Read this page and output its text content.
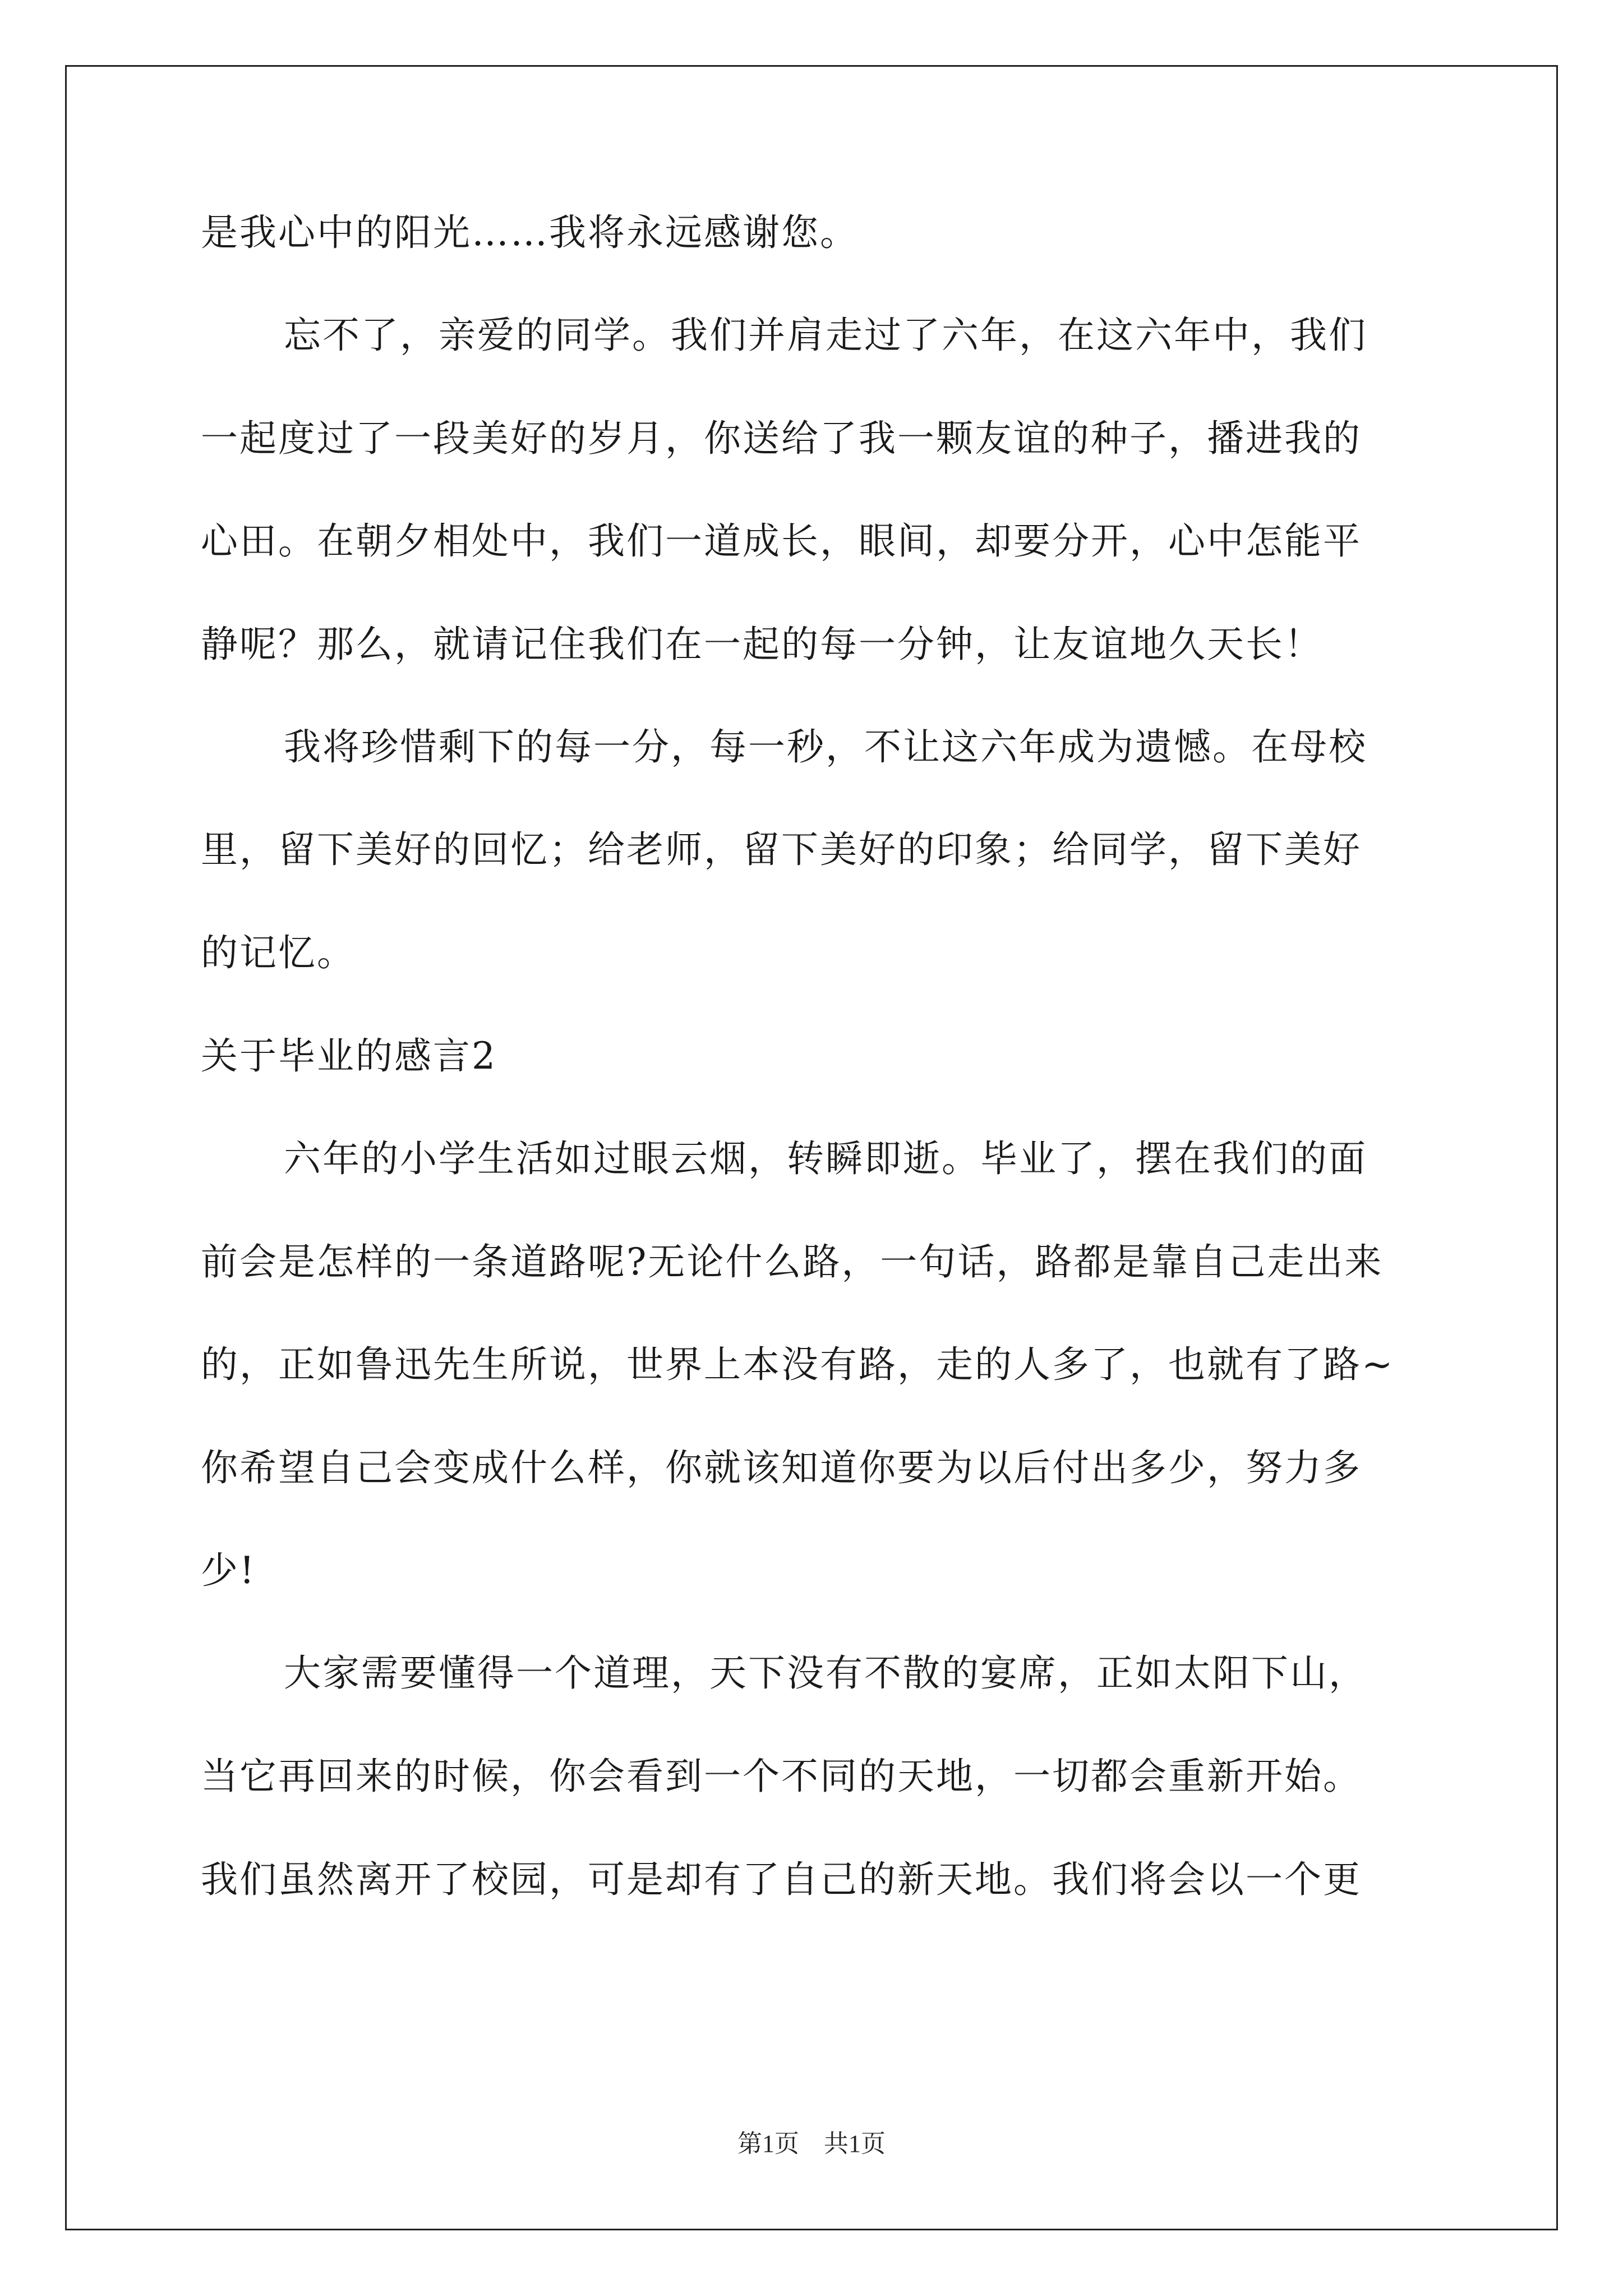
是我心中的阳光……我将永远感谢您。
忘不了，亲爱的同学。我们并肩走过了六年，在这六年中，我们
一起度过了一段美好的岁月，你送给了我一颗友谊的种子，播进我的
心田。在朝夕相处中，我们一道成长，眼间，却要分开，心中怎能平
静呢？那么，就请记住我们在一起的每一分钟，让友谊地久天长！
我将珍惜剩下的每一分，每一秒，不让这六年成为遗憾。在母校
里，留下美好的回忆；给老师，留下美好的印象；给同学，留下美好
的记忆。
关于毕业的感言2
六年的小学生活如过眼云烟，转瞬即逝。毕业了，摆在我们的面
前会是怎样的一条道路呢?无论什么路，一句话，路都是靠自己走出来
的，正如鲁迅先生所说，世界上本没有路，走的人多了，也就有了路~
你希望自己会变成什么样，你就该知道你要为以后付出多少，努力多
少!
大家需要懂得一个道理，天下没有不散的宴席，正如太阳下山，
当它再回来的时候，你会看到一个不同的天地，一切都会重新开始。
我们虽然离开了校园，可是却有了自己的新天地。我们将会以一个更
第1页　共1页
